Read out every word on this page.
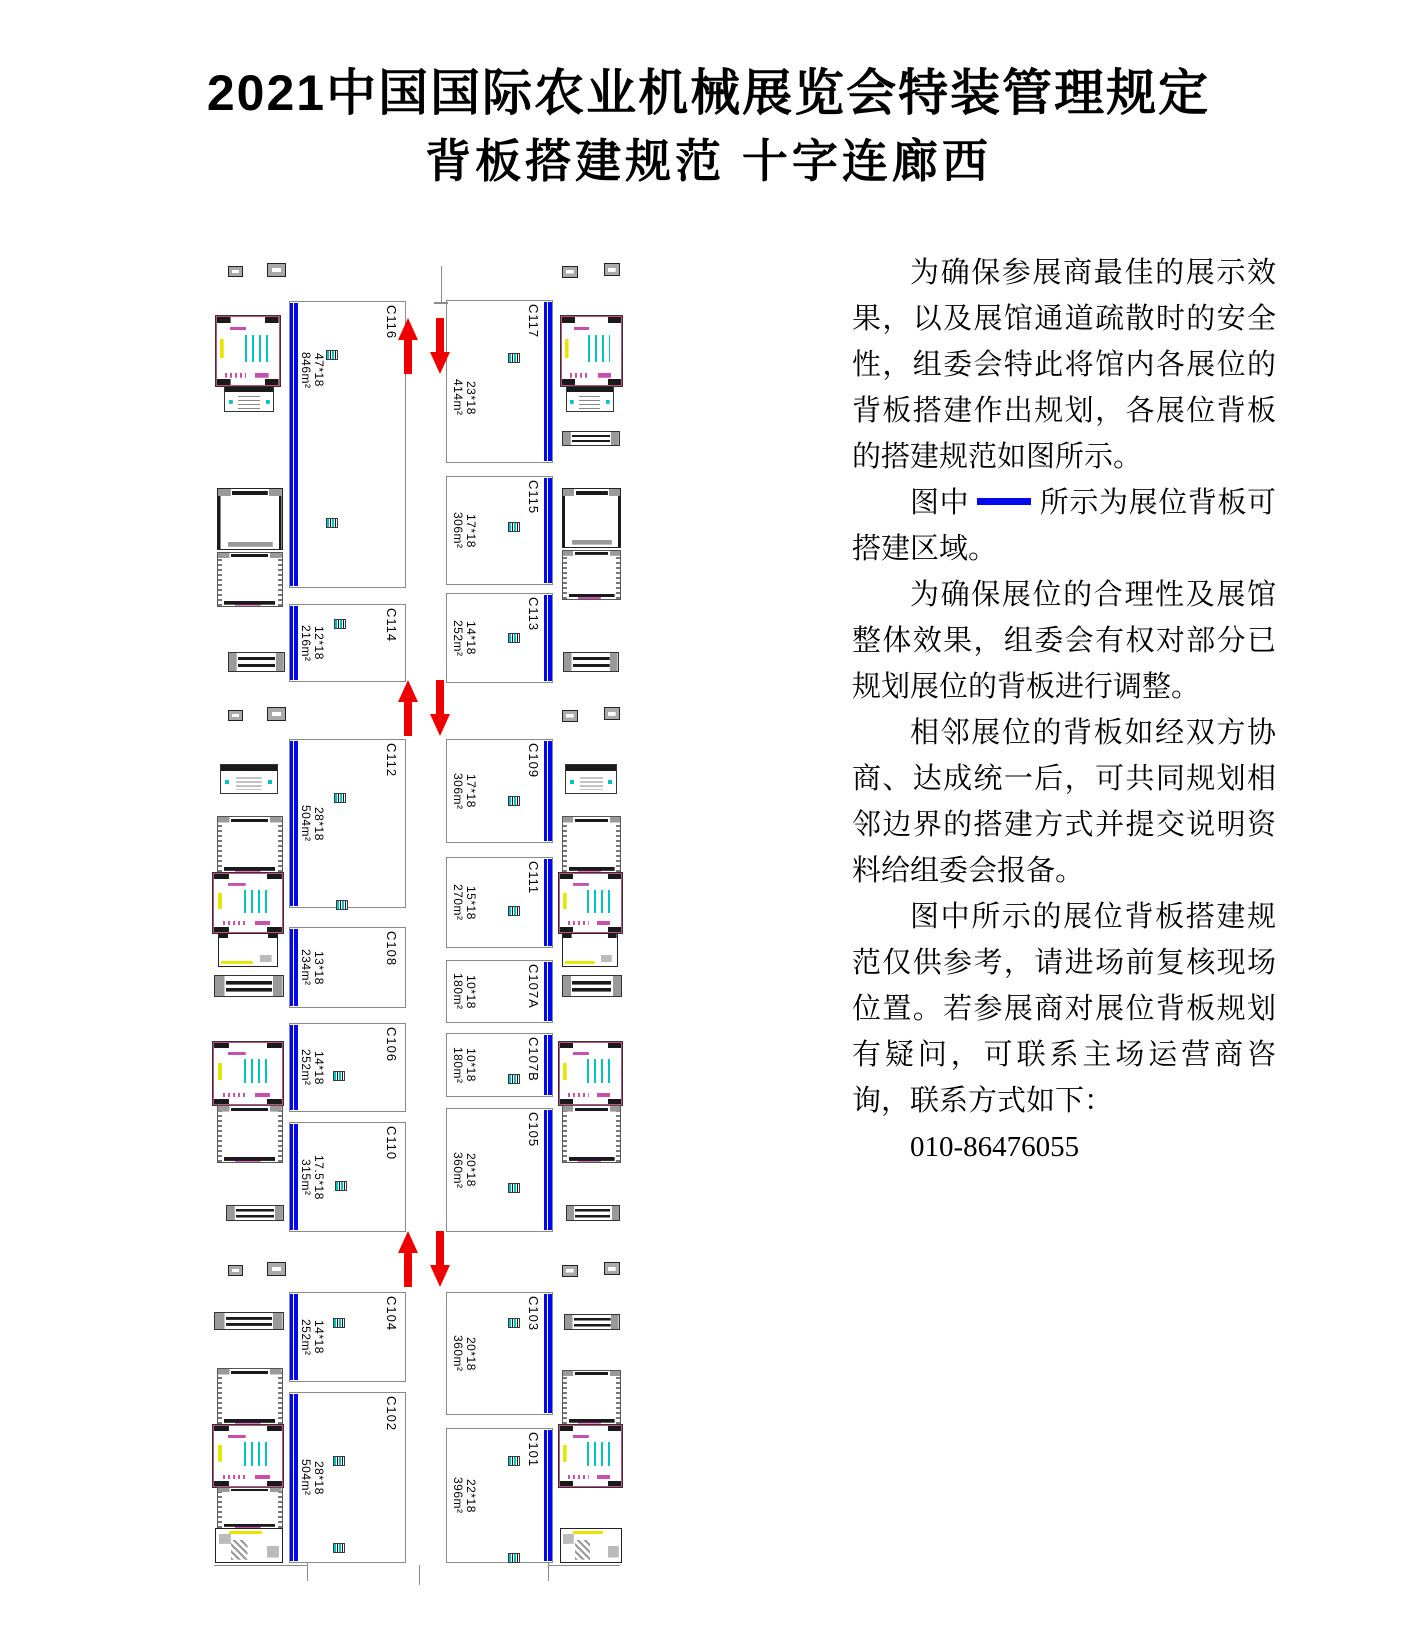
2021中国国际农业机械展览会特装管理规定
背板搭建规范 十字连廊西

为确保参展商最佳的展示效果，以及展馆通道疏散时的安全性，组委会特此将馆内各展位的背板搭建作出规划，各展位背板的搭建规范如图所示。

图中 所示为展位背板可搭建区域。

为确保展位的合理性及展馆整体效果，组委会有权对部分已规划展位的背板进行调整。

相邻展位的背板如经双方协商、达成统一后，可共同规划相邻边界的搭建方式并提交说明资料给组委会报备。

图中所示的展位背板搭建规范仅供参考，请进场前复核现场位置。若参展商对展位背板规划有疑问，可联系主场运营商咨询，联系方式如下：

010-86476055

C116
47*18
846m²
C114
12*18
216m²
C112
28*18
504m²
C108
13*18
234m²
C106
14*18
252m²
C110
17.5*18
315m²
C104
14*18
252m²
C102
28*18
504m²
C117
23*18
414m²
C115
17*18
306m²
C113
14*18
252m²
C109
17*18
306m²
C111
15*18
270m²
C107A
10*18
180m²
C107B
10*18
180m²
C105
20*18
360m²
C103
20*18
360m²
C101
22*18
396m²
